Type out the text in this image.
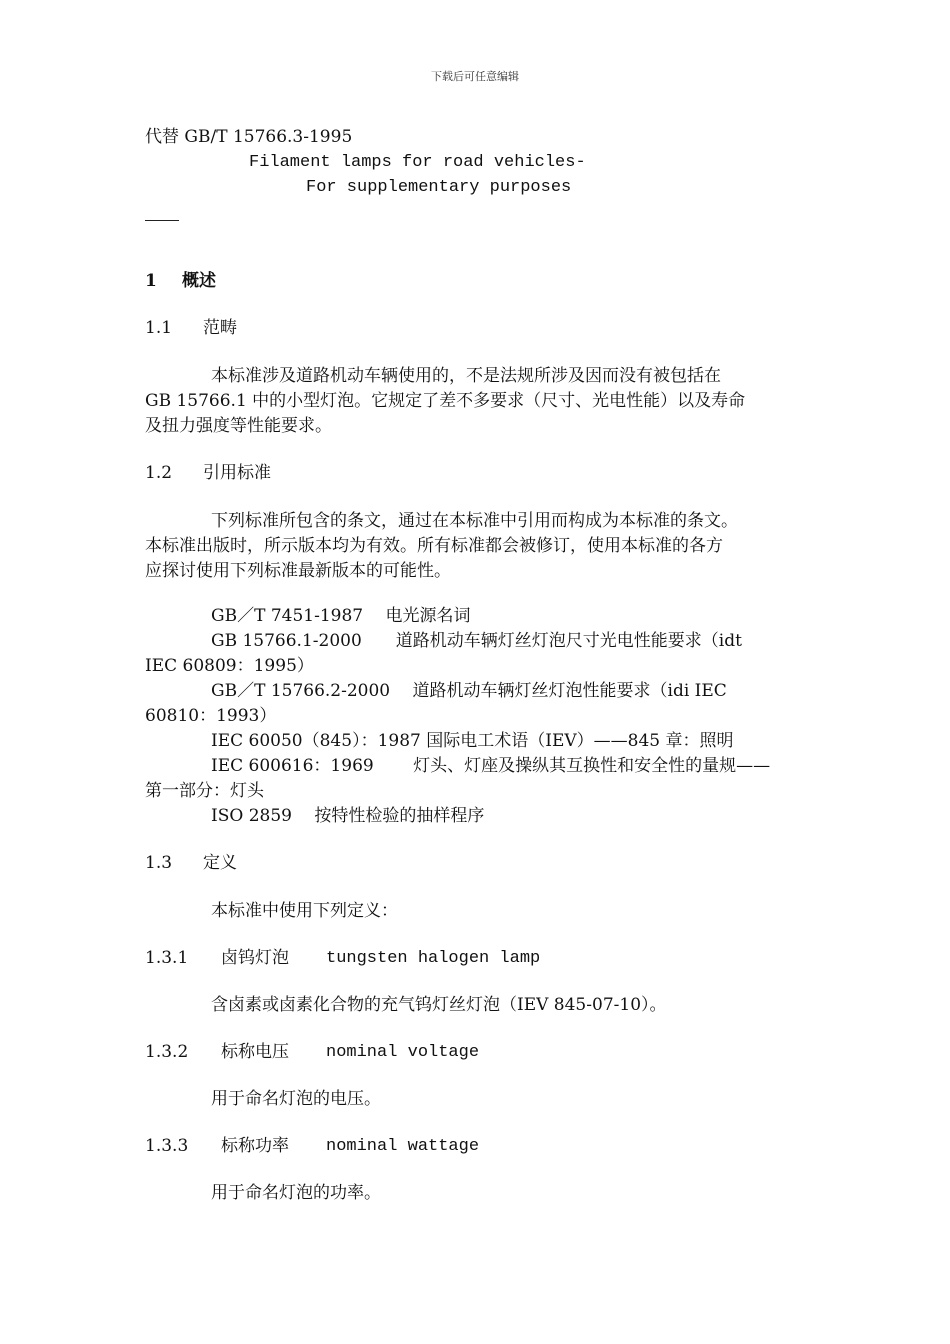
下载后可任意编辑
代替 GB/T 15766.3-1995
Filament lamps for road vehicles-
For supplementary purposes
1 概述
1.1 范畴
本标准涉及道路机动车辆使用的，不是法规所涉及因而没有被包括在
GB 15766.1 中的小型灯泡。它规定了差不多要求（尺寸、光电性能）以及寿命
及扭力强度等性能要求。
1.2 引用标准
下列标准所包含的条文，通过在本标准中引用而构成为本标准的条文。
本标准出版时，所示版本均为有效。所有标准都会被修订，使用本标准的各方
应探讨使用下列标准最新版本的可能性。
GB／T 7451-1987　 电光源名词
GB 15766.1-2000　　道路机动车辆灯丝灯泡尺寸光电性能要求（idt
IEC 60809：1995）
GB／T 15766.2-2000　 道路机动车辆灯丝灯泡性能要求（idi IEC
60810：1993）
IEC 60050（845）：1987 国际电工术语（IEV）——845 章：照明
IEC 600616：1969　　 灯头、灯座及操纵其互换性和安全性的量规——
第一部分：灯头
ISO 2859　 按特性检验的抽样程序
1.3 定义
本标准中使用下列定义：
1.3.1 卤钨灯泡 tungsten halogen lamp
含卤素或卤素化合物的充气钨灯丝灯泡（IEV 845-07-10）。
1.3.2 标称电压 nominal voltage
用于命名灯泡的电压。
1.3.3 标称功率 nominal wattage
用于命名灯泡的功率。
